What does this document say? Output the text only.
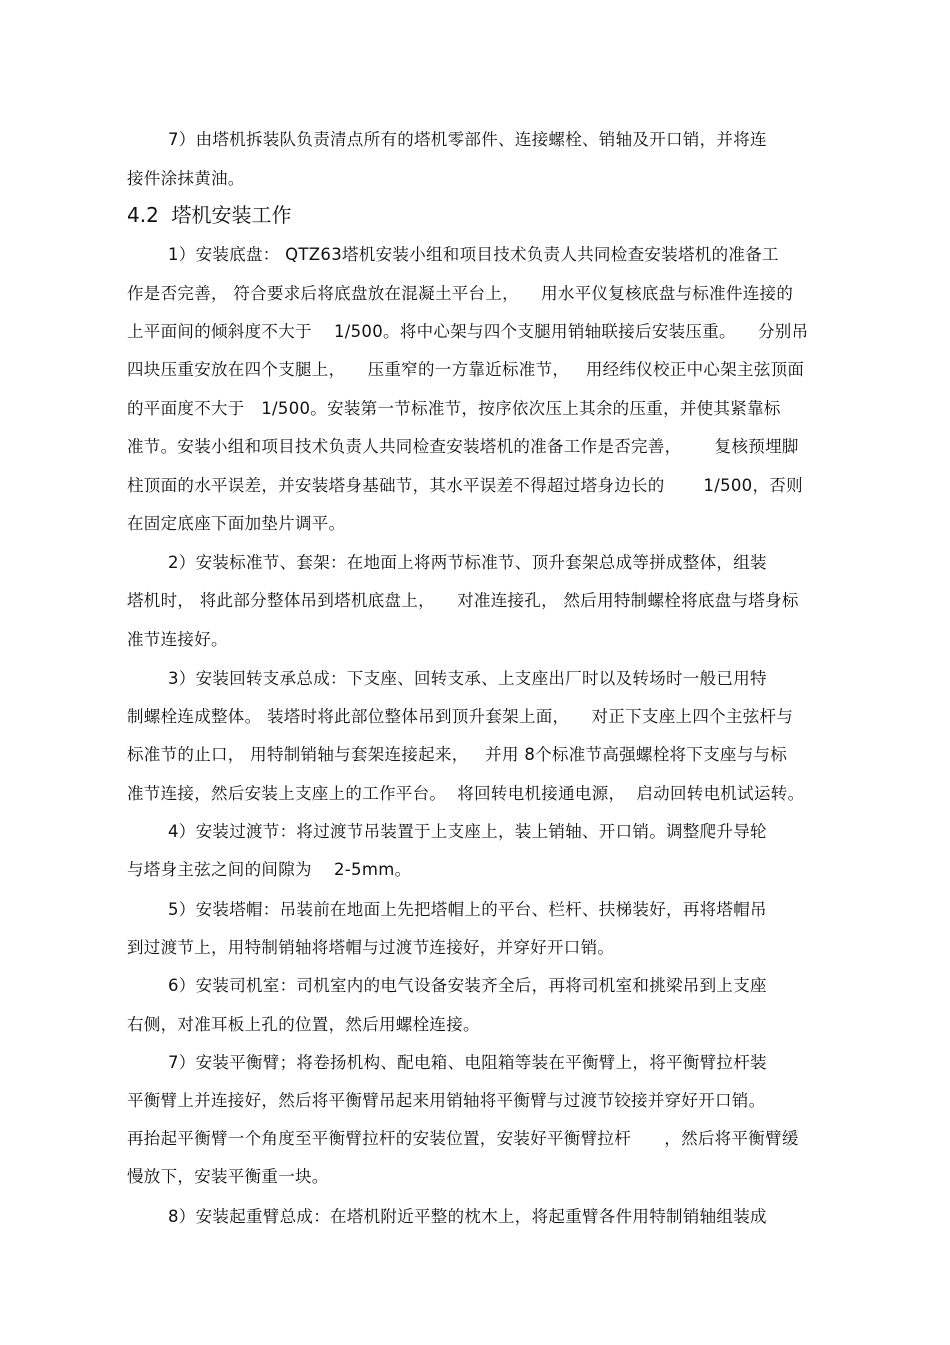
7）由塔机拆装队负责清点所有的塔机零部件、连接螺栓、销轴及开口销，并将连
接件涂抹黄油。
4.2  塔机安装工作
1）安装底盘： QTZ63塔机安装小组和项目技术负责人共同检查安装塔机的准备工
作是否完善， 符合要求后将底盘放在混凝土平台上，    用水平仪复核底盘与标准件连接的
上平面间的倾斜度不大于    1/500。将中心架与四个支腿用销轴联接后安装压重。    分别吊
四块压重安放在四个支腿上，    压重窄的一方靠近标准节，   用经纬仪校正中心架主弦顶面
的平面度不大于   1/500。安装第一节标准节，按序依次压上其余的压重，并使其紧靠标
准节。安装小组和项目技术负责人共同检查安装塔机的准备工作是否完善，      复核预埋脚
柱顶面的水平误差，并安装塔身基础节，其水平误差不得超过塔身边长的       1/500，否则
在固定底座下面加垫片调平。
2）安装标准节、套架：在地面上将两节标准节、顶升套架总成等拼成整体，组装
塔机时， 将此部分整体吊到塔机底盘上，    对准连接孔， 然后用特制螺栓将底盘与塔身标
准节连接好。
3）安装回转支承总成：下支座、回转支承、上支座出厂时以及转场时一般已用特
制螺栓连成整体。 装塔时将此部位整体吊到顶升套架上面，    对正下支座上四个主弦杆与
标准节的止口， 用特制销轴与套架连接起来，   并用 8个标准节高强螺栓将下支座与与标
准节连接，然后安装上支座上的工作平台。  将回转电机接通电源，  启动回转电机试运转。
4）安装过渡节：将过渡节吊装置于上支座上，装上销轴、开口销。调整爬升导轮
与塔身主弦之间的间隙为    2-5mm。
5）安装塔帽：吊装前在地面上先把塔帽上的平台、栏杆、扶梯装好，再将塔帽吊
到过渡节上，用特制销轴将塔帽与过渡节连接好，并穿好开口销。
6）安装司机室：司机室内的电气设备安装齐全后，再将司机室和挑梁吊到上支座
右侧，对准耳板上孔的位置，然后用螺栓连接。
7）安装平衡臂；将卷扬机构、配电箱、电阻箱等装在平衡臂上，将平衡臂拉杆装
平衡臂上并连接好，然后将平衡臂吊起来用销轴将平衡臂与过渡节铰接并穿好开口销。
再抬起平衡臂一个角度至平衡臂拉杆的安装位置，安装好平衡臂拉杆      ，然后将平衡臂缓
慢放下，安装平衡重一块。
8）安装起重臂总成：在塔机附近平整的枕木上，将起重臂各件用特制销轴组装成
